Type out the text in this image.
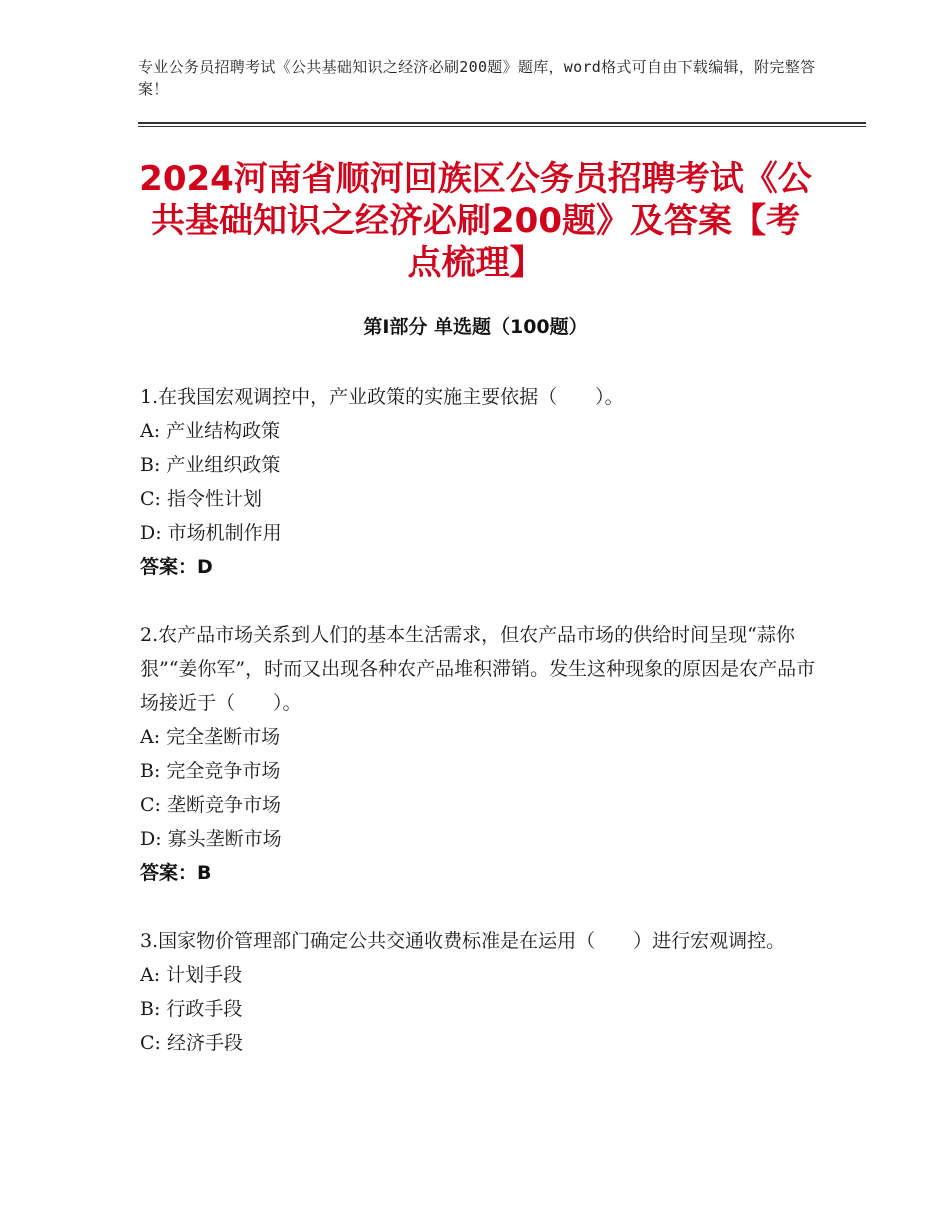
专业公务员招聘考试《公共基础知识之经济必刷200题》题库，word格式可自由下载编辑，附完整答案！
2024河南省顺河回族区公务员招聘考试《公共基础知识之经济必刷200题》及答案【考点梳理】
第Ⅰ部分 单选题（100题）
1.在我国宏观调控中，产业政策的实施主要依据（　　）。
A: 产业结构政策
B: 产业组织政策
C: 指令性计划
D: 市场机制作用
答案：D
2.农产品市场关系到人们的基本生活需求，但农产品市场的供给时间呈现“蒜你狠”“姜你军”，时而又出现各种农产品堆积滞销。发生这种现象的原因是农产品市场接近于（　　）。
A: 完全垄断市场
B: 完全竞争市场
C: 垄断竞争市场
D: 寡头垄断市场
答案：B
3.国家物价管理部门确定公共交通收费标准是在运用（　　）进行宏观调控。
A: 计划手段
B: 行政手段
C: 经济手段
